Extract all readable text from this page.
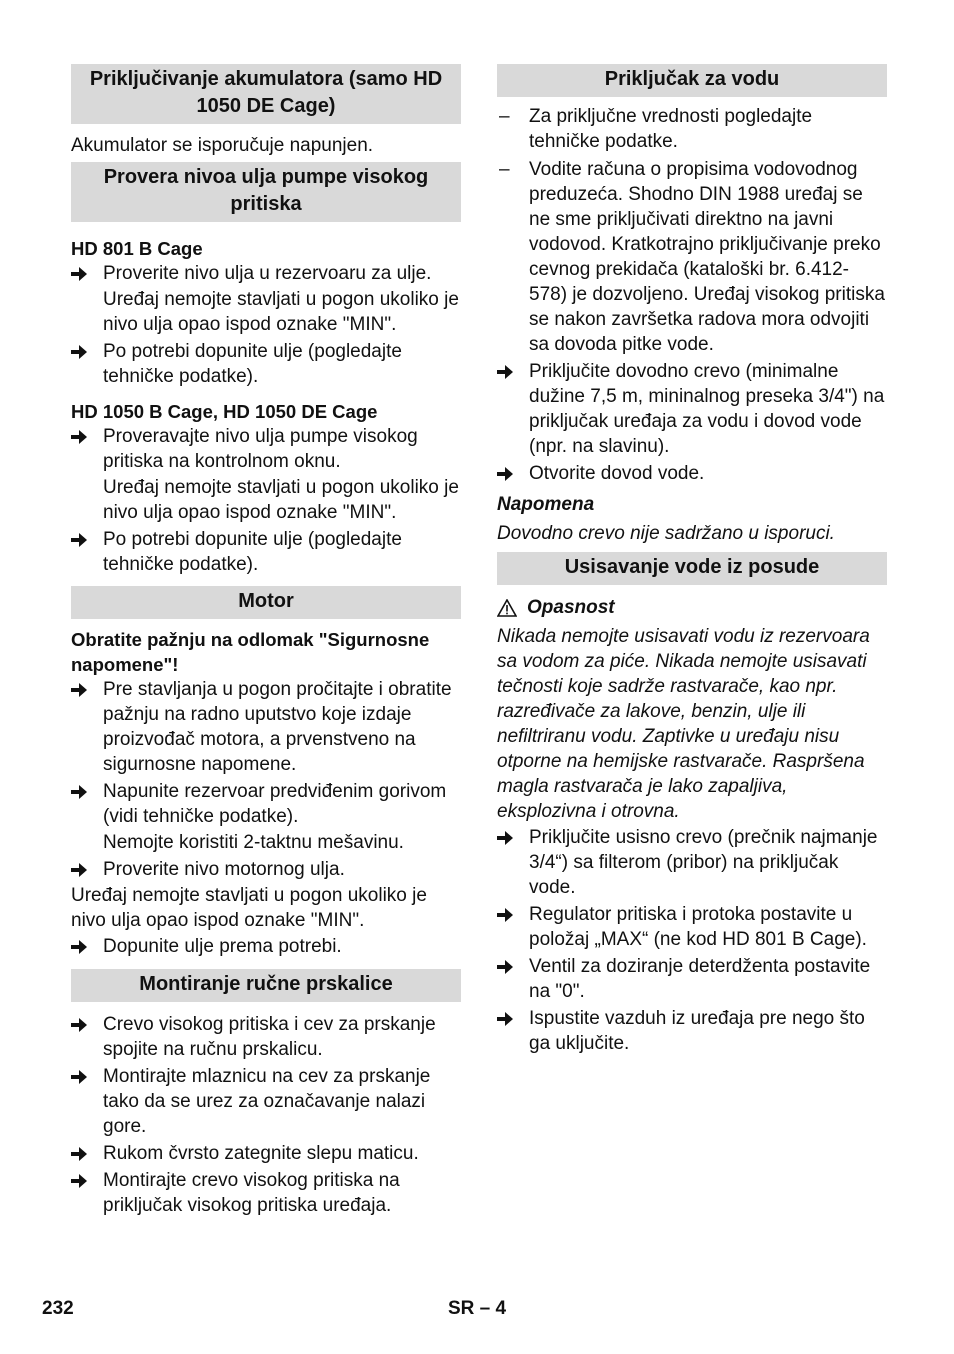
Priključivanje akumulatora (samo HD 1050 DE Cage)

Akumulator se isporučuje napunjen.

Provera nivoa ulja pumpe visokog pritiska
HD 801 B Cage
Proverite nivo ulja u rezervoaru za ulje.
Uređaj nemojte stavljati u pogon ukoliko je nivo ulja opao ispod oznake "MIN".
Po potrebi dopunite ulje (pogledajte tehničke podatke).
HD 1050 B Cage, HD 1050 DE Cage
Proveravajte nivo ulja pumpe visokog pritiska na kontrolnom oknu.
Uređaj nemojte stavljati u pogon ukoliko je nivo ulja opao ispod oznake "MIN".
Po potrebi dopunite ulje (pogledajte tehničke podatke).
Motor
Obratite pažnju na odlomak "Sigurnosne napomene"!
Pre stavljanja u pogon pročitajte i obratite pažnju na radno uputstvo koje izdaje proizvođač motora, a prvenstveno na sigurnosne napomene.
Napunite rezervoar predviđenim gorivom (vidi tehničke podatke).
Nemojte koristiti 2-taktnu mešavinu.
Proverite nivo motornog ulja.

Uređaj nemojte stavljati u pogon ukoliko je nivo ulja opao ispod oznake "MIN".

Dopunite ulje prema potrebi.
Montiranje ručne prskalice
Crevo visokog pritiska i cev za prskanje spojite na ručnu prskalicu.
Montirajte mlaznicu na cev za prskanje tako da se urez za označavanje nalazi gore.
Rukom čvrsto zategnite slepu maticu.
Montirajte crevo visokog pritiska na priključak visokog pritiska uređaja.
Priključak za vodu
–	Za priključne vrednosti pogledajte tehničke podatke.
–	Vodite računa o propisima vodovodnog preduzeća. Shodno DIN 1988 uređaj se ne sme priključivati direktno na javni vodovod. Kratkotrajno priključivanje preko cevnog prekidača (kataloški br. 6.412-578) je dozvoljeno. Uređaj visokog pritiska se nakon završetka radova mora odvojiti sa dovoda pitke vode.
Priključite dovodno crevo (minimalne dužine 7,5 m, mininalnog preseka 3/4") na priključak uređaja za vodu i dovod vode (npr. na slavinu).
Otvorite dovod vode.
Napomena

Dovodno crevo nije sadržano u isporuci.

Usisavanje vode iz posude
Opasnost

Nikada nemojte usisavati vodu iz rezervoara sa vodom za piće. Nikada nemojte usisavati tečnosti koje sadrže rastvarače, kao npr. razređivače za lakove, benzin, ulje ili nefiltriranu vodu. Zaptivke u uređaju nisu otporne na hemijske rastvarače. Raspršena magla rastvarača je lako zapaljiva, eksplozivna i otrovna.

Priključite usisno crevo (prečnik najmanje 3/4“) sa filterom (pribor) na priključak vode.
Regulator pritiska i protoka postavite u položaj „MAX“ (ne kod HD 801 B Cage).
Ventil za doziranje deterdženta postavite na "0".
Ispustite vazduh iz uređaja pre nego što ga uključite.
232	SR – 4
